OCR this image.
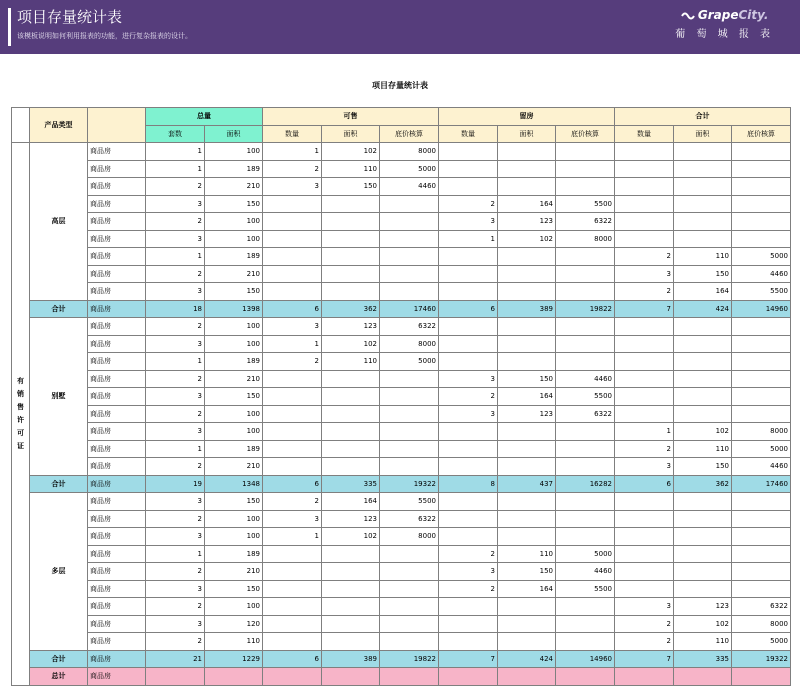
项目存量统计表
该模板说明如何利用报表的功能，进行复杂报表的设计。
GrapeCity.
葡 萄 城 报 表
项目存量统计表
	产品类型		总量		可售			留房			合计		
			套数	面积	数量	面积	底价核算	数量	面积	底价核算	数量	面积	底价核算
有销售许可证	高层	商品房	1	100	1	102	8000						
		商品房	1	189	2	110	5000						
		商品房	2	210	3	150	4460						
		商品房	3	150				2	164	5500			
		商品房	2	100				3	123	6322			
		商品房	3	100				1	102	8000			
		商品房	1	189							2	110	5000
		商品房	2	210							3	150	4460
		商品房	3	150							2	164	5500
	合计	商品房	18	1398	6	362	17460	6	389	19822	7	424	14960
	别墅	商品房	2	100	3	123	6322						
		商品房	3	100	1	102	8000						
		商品房	1	189	2	110	5000						
		商品房	2	210				3	150	4460			
		商品房	3	150				2	164	5500			
		商品房	2	100				3	123	6322			
		商品房	3	100							1	102	8000
		商品房	1	189							2	110	5000
		商品房	2	210							3	150	4460
	合计	商品房	19	1348	6	335	19322	8	437	16282	6	362	17460
	多层	商品房	3	150	2	164	5500						
		商品房	2	100	3	123	6322						
		商品房	3	100	1	102	8000						
		商品房	1	189				2	110	5000			
		商品房	2	210				3	150	4460			
		商品房	3	150				2	164	5500			
		商品房	2	100							3	123	6322
		商品房	3	120							2	102	8000
		商品房	2	110							2	110	5000
	合计	商品房	21	1229	6	389	19822	7	424	14960	7	335	19322
	总计	商品房											
